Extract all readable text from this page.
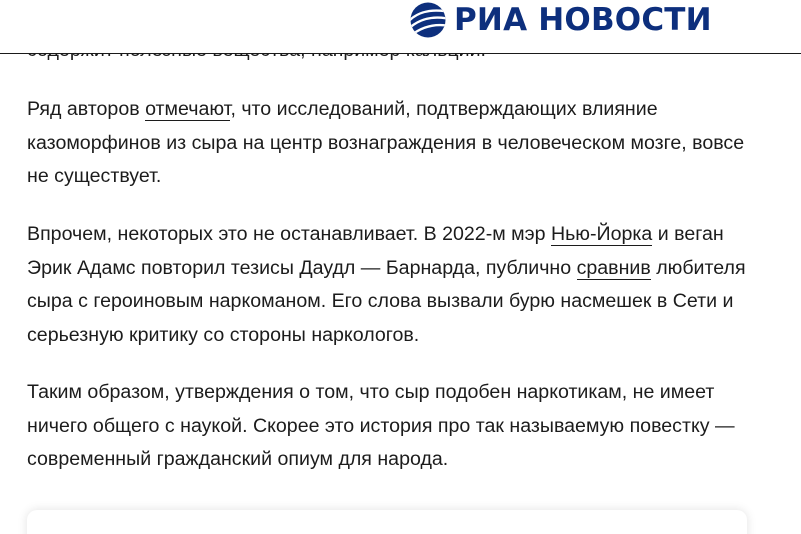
РИА НОВОСТИ

Ряд авторов отмечают, что исследований, подтверждающих влияние казоморфинов из сыра на центр вознаграждения в человеческом мозге, вовсе не существует.

Впрочем, некоторых это не останавливает. В 2022-м мэр Нью-Йорка и веган Эрик Адамс повторил тезисы Даудл — Барнарда, публично сравнив любителя сыра с героиновым наркоманом. Его слова вызвали бурю насмешек в Сети и серьезную критику со стороны наркологов.

Таким образом, утверждения о том, что сыр подобен наркотикам, не имеет ничего общего с наукой. Скорее это история про так называемую повестку — современный гражданский опиум для народа.
